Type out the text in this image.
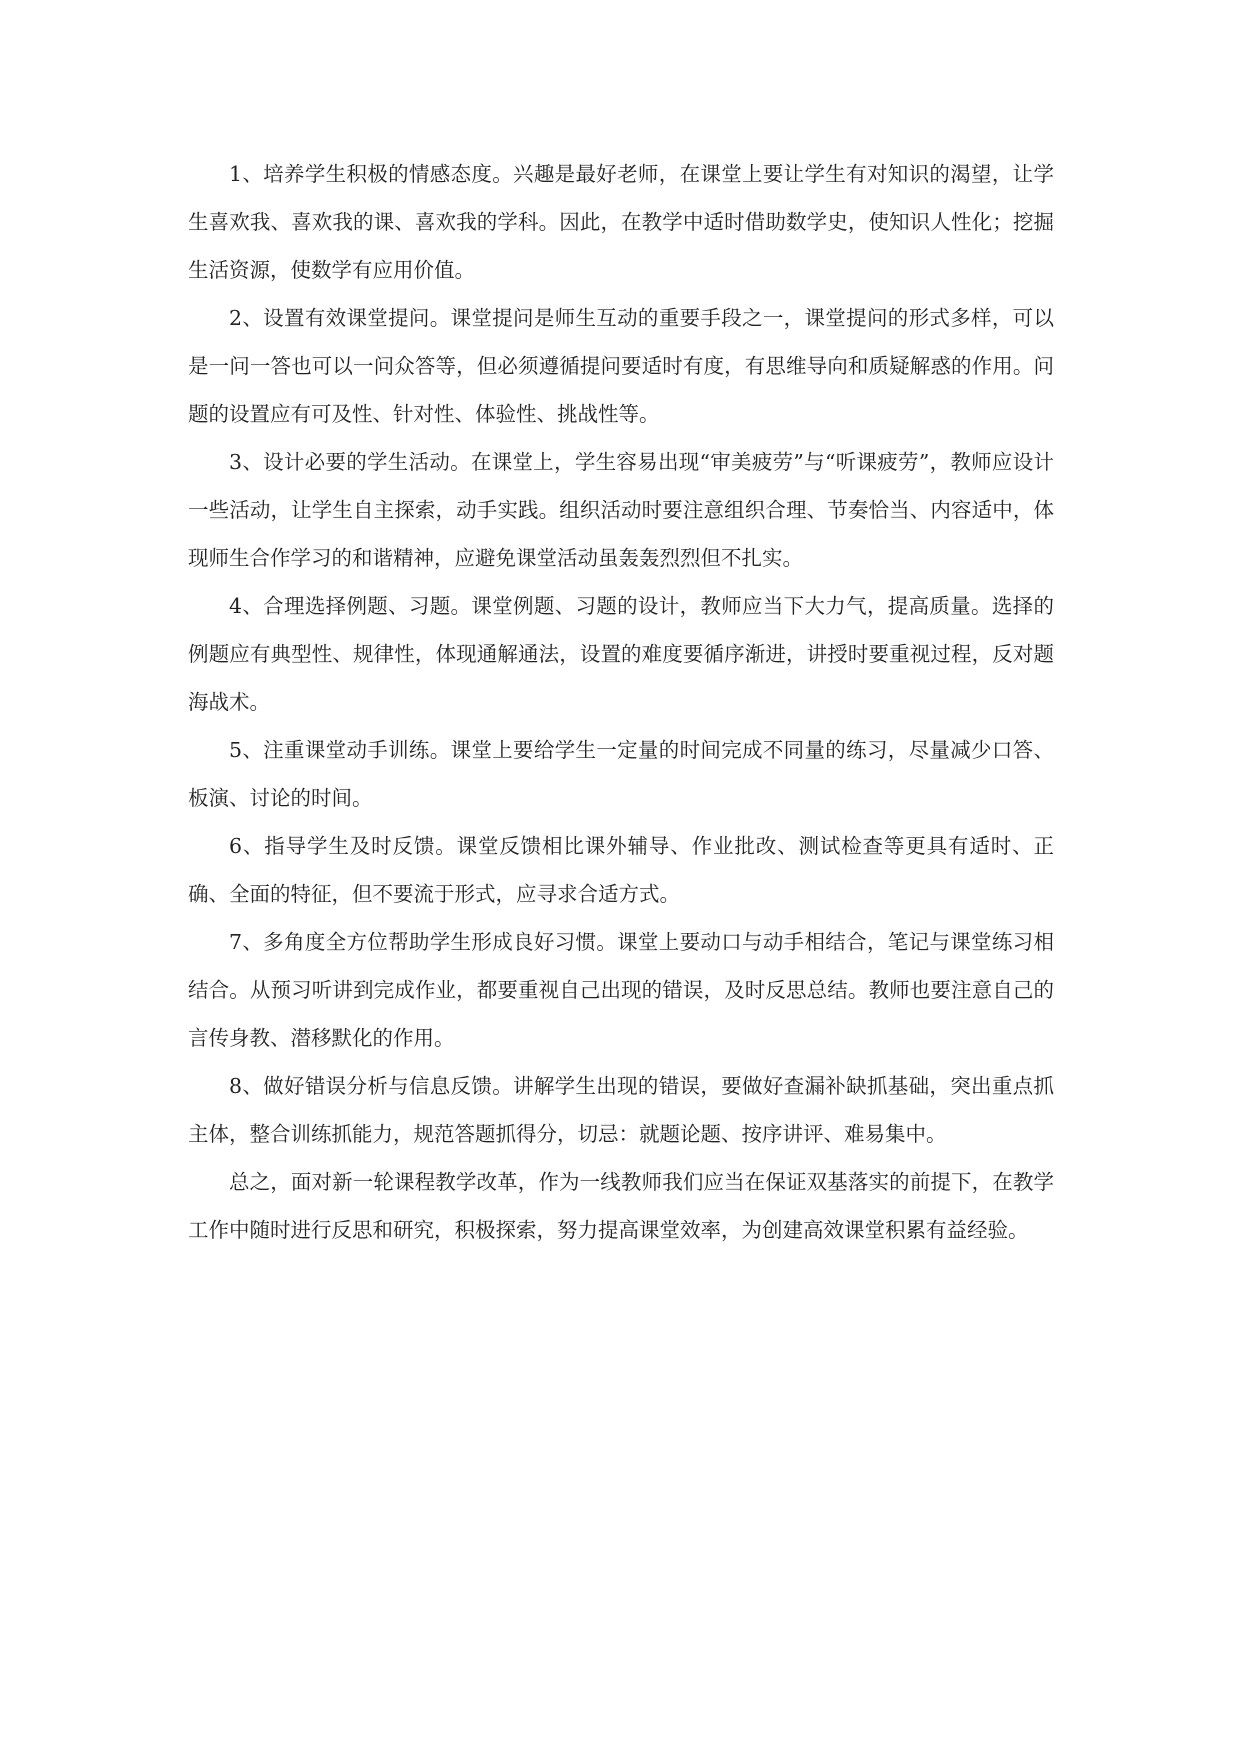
1、培养学生积极的情感态度。兴趣是最好老师，在课堂上要让学生有对知识的渴望，让学生喜欢我、喜欢我的课、喜欢我的学科。因此，在教学中适时借助数学史，使知识人性化；挖掘生活资源，使数学有应用价值。

2、设置有效课堂提问。课堂提问是师生互动的重要手段之一，课堂提问的形式多样，可以是一问一答也可以一问众答等，但必须遵循提问要适时有度，有思维导向和质疑解惑的作用。问题的设置应有可及性、针对性、体验性、挑战性等。

3、设计必要的学生活动。在课堂上，学生容易出现“审美疲劳”与“听课疲劳”，教师应设计一些活动，让学生自主探索，动手实践。组织活动时要注意组织合理、节奏恰当、内容适中，体现师生合作学习的和谐精神，应避免课堂活动虽轰轰烈烈但不扎实。

4、合理选择例题、习题。课堂例题、习题的设计，教师应当下大力气，提高质量。选择的例题应有典型性、规律性，体现通解通法，设置的难度要循序渐进，讲授时要重视过程，反对题海战术。

5、注重课堂动手训练。课堂上要给学生一定量的时间完成不同量的练习，尽量减少口答、板演、讨论的时间。

6、指导学生及时反馈。课堂反馈相比课外辅导、作业批改、测试检查等更具有适时、正确、全面的特征，但不要流于形式，应寻求合适方式。

7、多角度全方位帮助学生形成良好习惯。课堂上要动口与动手相结合，笔记与课堂练习相结合。从预习听讲到完成作业，都要重视自己出现的错误，及时反思总结。教师也要注意自己的言传身教、潜移默化的作用。

8、做好错误分析与信息反馈。讲解学生出现的错误，要做好查漏补缺抓基础，突出重点抓主体，整合训练抓能力，规范答题抓得分，切忌：就题论题、按序讲评、难易集中。

总之，面对新一轮课程教学改革，作为一线教师我们应当在保证双基落实的前提下，在教学工作中随时进行反思和研究，积极探索，努力提高课堂效率，为创建高效课堂积累有益经验。
